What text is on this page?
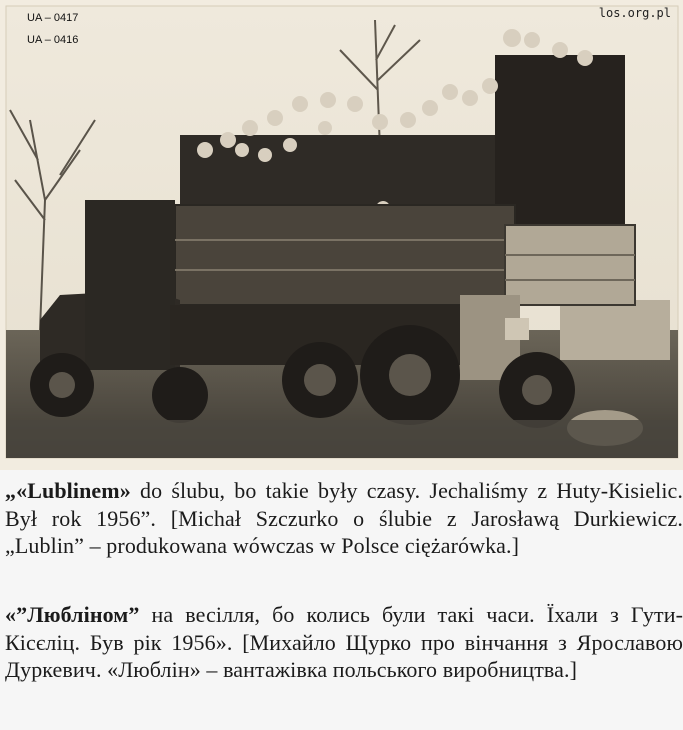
UA – 0417
UA – 0416
los.org.pl
„«Lublinem» do ślubu, bo takie były czasy. Jechaliśmy z Huty-Kisielic. Był rok 1956”. [Michał Szczurko o ślubie z Jarosławą Durkiewicz. „Lublin” – produkowana wówczas w Polsce ciężarówka.]
«”Любліном” на весілля, бо колись були такі часи. Їхали з Гути-Кісєліц. Був рік 1956». [Михайло Щурко про вінчання з Ярославою Дуркевич. «Люблін» – вантажівка польського виробництва.]
